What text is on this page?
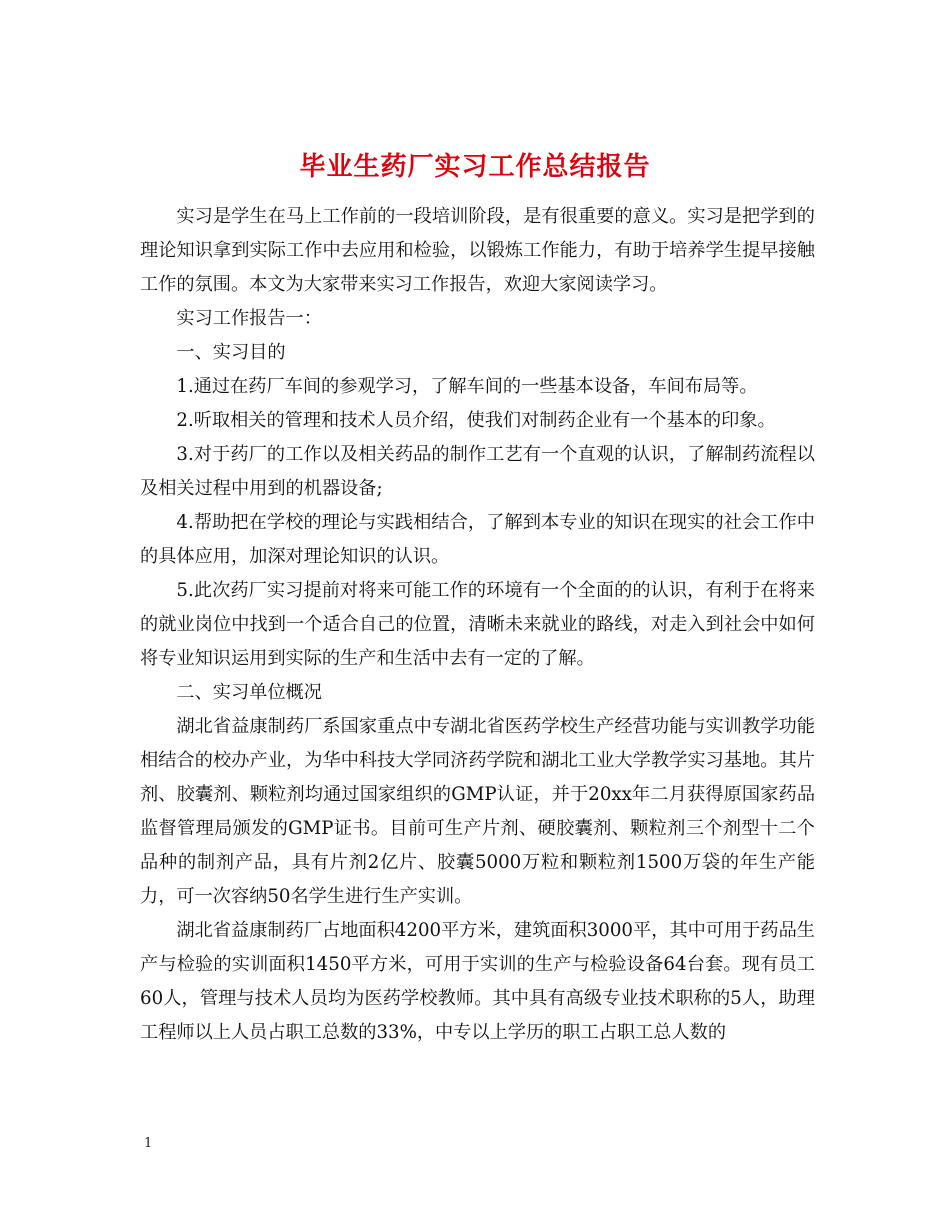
毕业生药厂实习工作总结报告

实习是学生在马上工作前的一段培训阶段，是有很重要的意义。实习是把学到的理论知识拿到实际工作中去应用和检验，以锻炼工作能力，有助于培养学生提早接触工作的氛围。本文为大家带来实习工作报告，欢迎大家阅读学习。

实习工作报告一：

一、实习目的

1.通过在药厂车间的参观学习，了解车间的一些基本设备，车间布局等。

2.听取相关的管理和技术人员介绍，使我们对制药企业有一个基本的印象。

3.对于药厂的工作以及相关药品的制作工艺有一个直观的认识，了解制药流程以及相关过程中用到的机器设备;

4.帮助把在学校的理论与实践相结合，了解到本专业的知识在现实的社会工作中的具体应用，加深对理论知识的认识。

5.此次药厂实习提前对将来可能工作的环境有一个全面的的认识，有利于在将来的就业岗位中找到一个适合自己的位置，清晰未来就业的路线，对走入到社会中如何将专业知识运用到实际的生产和生活中去有一定的了解。

二、实习单位概况

湖北省益康制药厂系国家重点中专湖北省医药学校生产经营功能与实训教学功能相结合的校办产业，为华中科技大学同济药学院和湖北工业大学教学实习基地。其片剂、胶囊剂、颗粒剂均通过国家组织的GMP认证，并于20xx年二月获得原国家药品监督管理局颁发的GMP证书。目前可生产片剂、硬胶囊剂、颗粒剂三个剂型十二个品种的制剂产品，具有片剂2亿片、胶囊5000万粒和颗粒剂1500万袋的年生产能力，可一次容纳50名学生进行生产实训。

湖北省益康制药厂占地面积4200平方米，建筑面积3000平，其中可用于药品生产与检验的实训面积1450平方米，可用于实训的生产与检验设备64台套。现有员工60人，管理与技术人员均为医药学校教师。其中具有高级专业技术职称的5人，助理工程师以上人员占职工总数的33%，中专以上学历的职工占职工总人数的

1
